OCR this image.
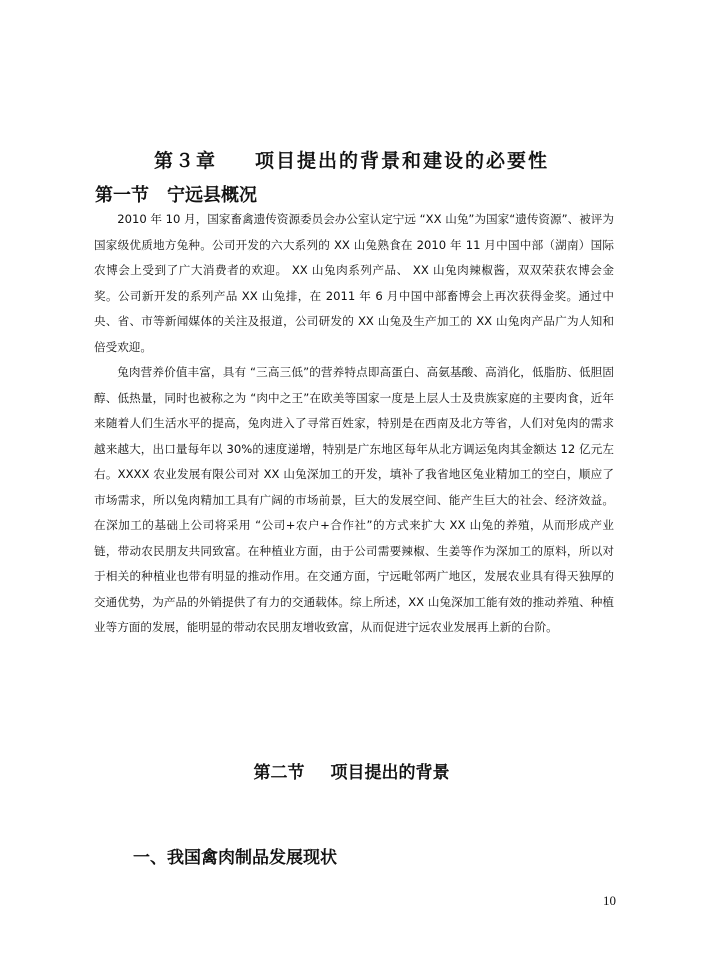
第３章 项目提出的背景和建设的必要性
第一节 宁远县概况

2010 年 10 月，国家畜禽遗传资源委员会办公室认定宁远 “XX 山兔”为国家“遗传资源”、被评为国家级优质地方兔种。公司开发的六大系列的 XX 山兔熟食在 2010 年 11 月中国中部（湖南）国际农博会上受到了广大消费者的欢迎。 XX 山兔肉系列产品、 XX 山兔肉辣椒酱，双双荣获农博会金奖。公司新开发的系列产品 XX 山兔排，在 2011 年 6 月中国中部畜博会上再次获得金奖。通过中央、省、市等新闻媒体的关注及报道，公司研发的 XX 山兔及生产加工的 XX 山兔肉产品广为人知和倍受欢迎。

兔肉营养价值丰富，具有 “三高三低”的营养特点即高蛋白、高氨基酸、高消化，低脂肪、低胆固醇、低热量，同时也被称之为 “肉中之王”在欧美等国家一度是上层人士及贵族家庭的主要肉食，近年来随着人们生活水平的提高，兔肉进入了寻常百姓家，特别是在西南及北方等省，人们对兔肉的需求越来越大，出口量每年以 30%的速度递增，特别是广东地区每年从北方调运兔肉其金额达 12 亿元左右。XXXX 农业发展有限公司对 XX 山兔深加工的开发，填补了我省地区兔业精加工的空白，顺应了市场需求，所以兔肉精加工具有广阔的市场前景，巨大的发展空间、能产生巨大的社会、经济效益。在深加工的基础上公司将采用 “公司+农户+合作社”的方式来扩大 XX 山兔的养殖，从而形成产业链，带动农民朋友共同致富。在种植业方面，由于公司需要辣椒、生姜等作为深加工的原料，所以对于相关的种植业也带有明显的推动作用。在交通方面，宁远毗邻两广地区，发展农业具有得天独厚的交通优势，为产品的外销提供了有力的交通载体。综上所述，XX 山兔深加工能有效的推动养殖、种植业等方面的发展，能明显的带动农民朋友增收致富，从而促进宁远农业发展再上新的台阶。

第二节 项目提出的背景
一、我国禽肉制品发展现状
10
